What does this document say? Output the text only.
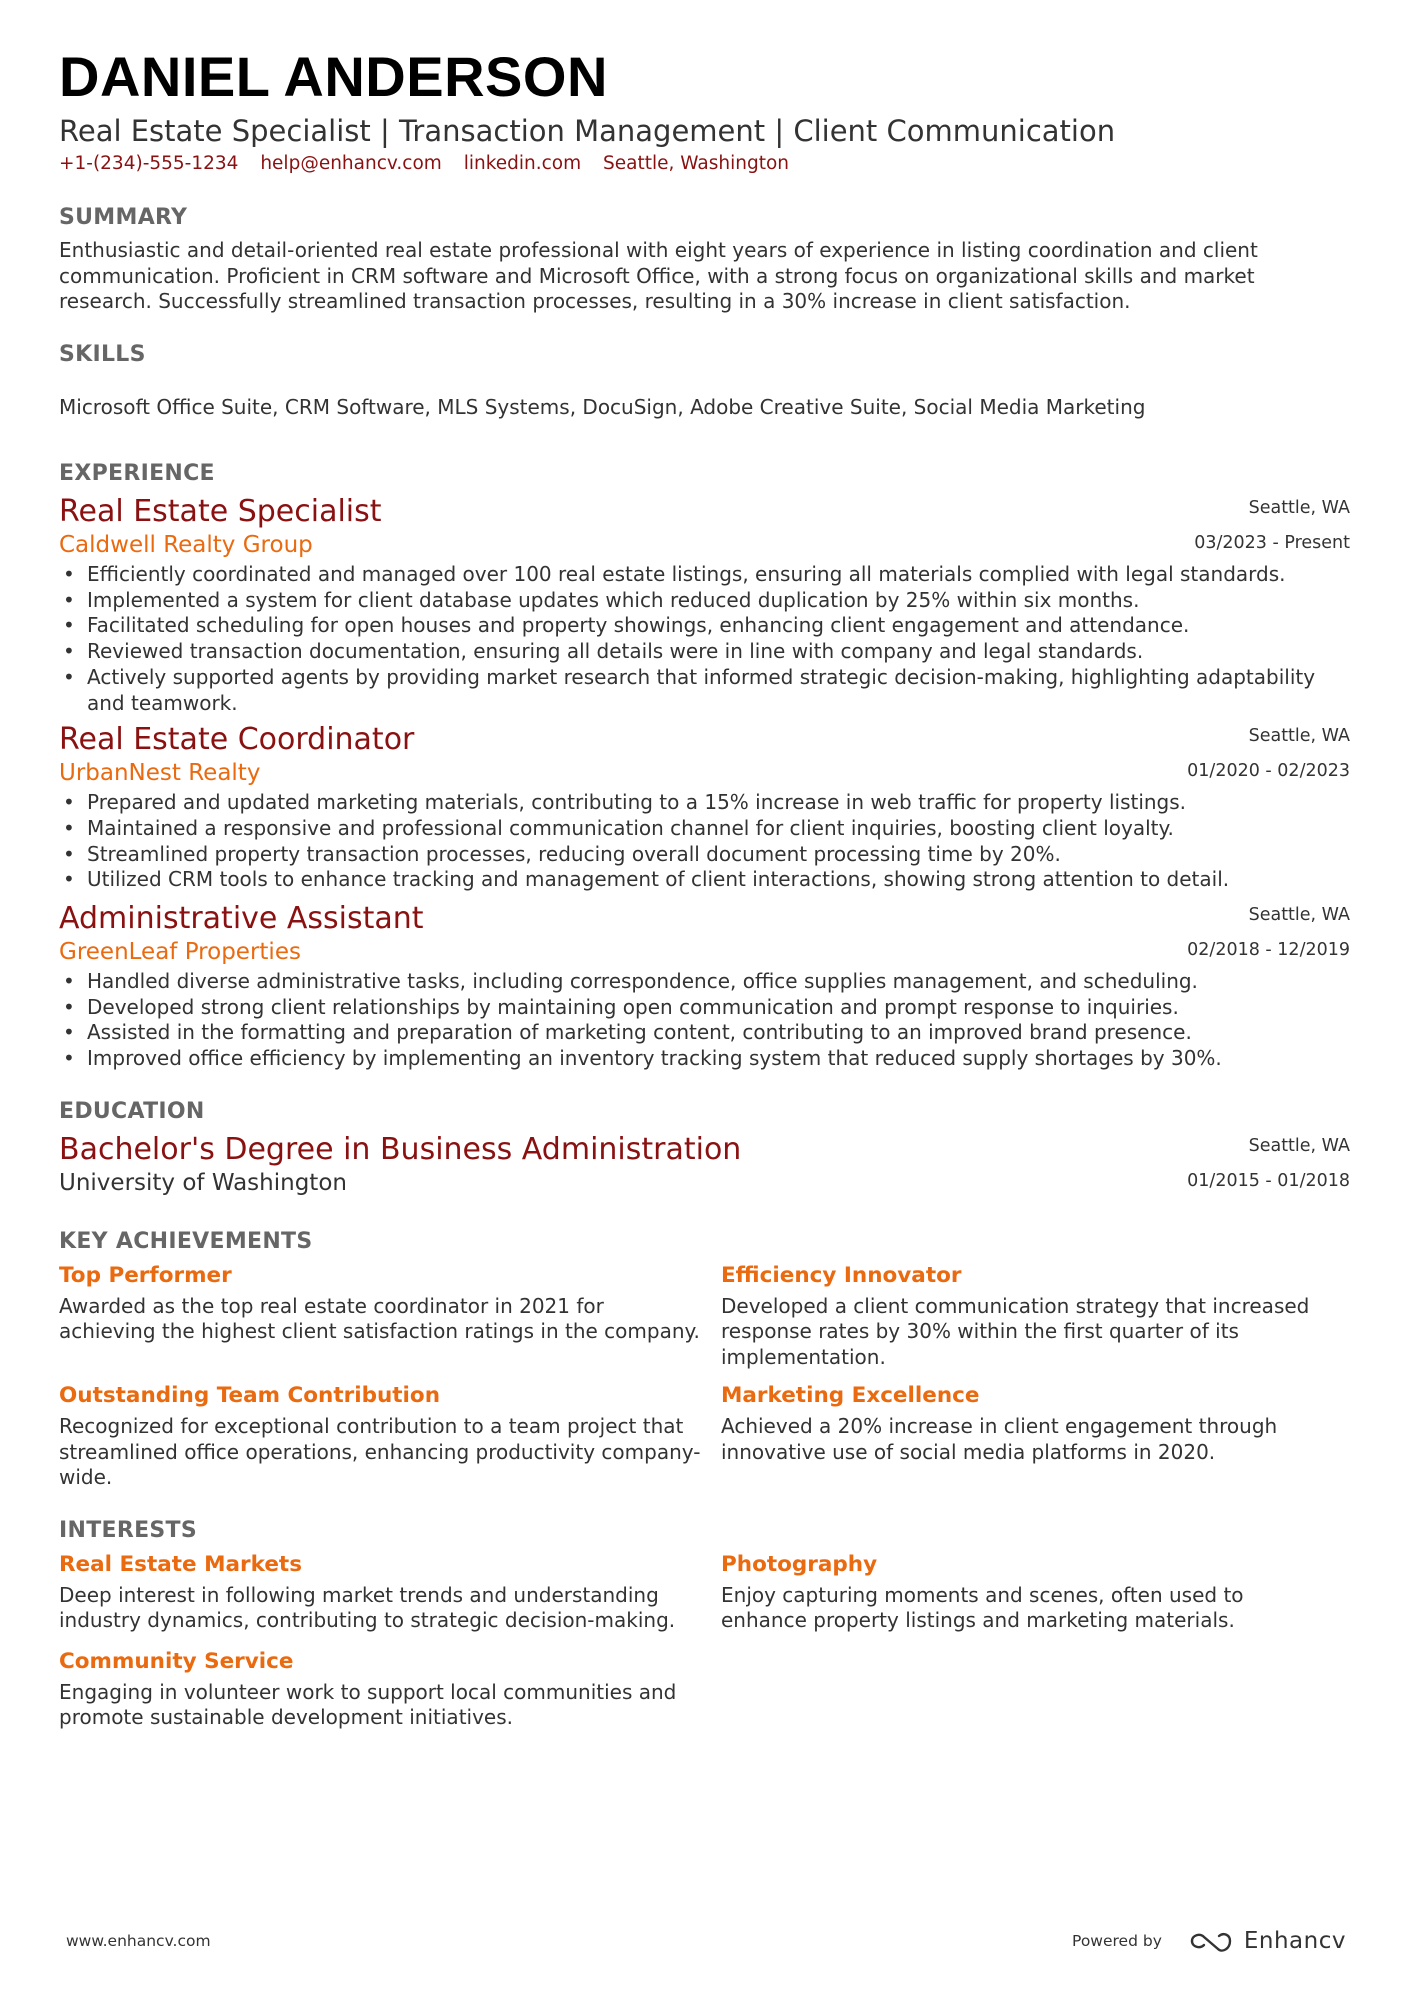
DANIEL ANDERSON
Real Estate Specialist | Transaction Management | Client Communication
+1-(234)-555-1234 help@enhancv.com linkedin.com Seattle, Washington
SUMMARY
Enthusiastic and detail-oriented real estate professional with eight years of experience in listing coordination and client communication. Proficient in CRM software and Microsoft Office, with a strong focus on organizational skills and market research. Successfully streamlined transaction processes, resulting in a 30% increase in client satisfaction.
SKILLS
Microsoft Office Suite, CRM Software, MLS Systems, DocuSign, Adobe Creative Suite, Social Media Marketing
EXPERIENCE
Real Estate Specialist
Caldwell Realty Group
Seattle, WA
03/2023 - Present
• Efficiently coordinated and managed over 100 real estate listings, ensuring all materials complied with legal standards.
• Implemented a system for client database updates which reduced duplication by 25% within six months.
• Facilitated scheduling for open houses and property showings, enhancing client engagement and attendance.
• Reviewed transaction documentation, ensuring all details were in line with company and legal standards.
• Actively supported agents by providing market research that informed strategic decision-making, highlighting adaptability and teamwork.
Real Estate Coordinator
UrbanNest Realty
Seattle, WA
01/2020 - 02/2023
• Prepared and updated marketing materials, contributing to a 15% increase in web traffic for property listings.
• Maintained a responsive and professional communication channel for client inquiries, boosting client loyalty.
• Streamlined property transaction processes, reducing overall document processing time by 20%.
• Utilized CRM tools to enhance tracking and management of client interactions, showing strong attention to detail.
Administrative Assistant
GreenLeaf Properties
Seattle, WA
02/2018 - 12/2019
• Handled diverse administrative tasks, including correspondence, office supplies management, and scheduling.
• Developed strong client relationships by maintaining open communication and prompt response to inquiries.
• Assisted in the formatting and preparation of marketing content, contributing to an improved brand presence.
• Improved office efficiency by implementing an inventory tracking system that reduced supply shortages by 30%.
EDUCATION
Bachelor's Degree in Business Administration
University of Washington
Seattle, WA
01/2015 - 01/2018
KEY ACHIEVEMENTS
Top Performer
Awarded as the top real estate coordinator in 2021 for achieving the highest client satisfaction ratings in the company.
Efficiency Innovator
Developed a client communication strategy that increased response rates by 30% within the first quarter of its implementation.
Outstanding Team Contribution
Recognized for exceptional contribution to a team project that streamlined office operations, enhancing productivity company-wide.
Marketing Excellence
Achieved a 20% increase in client engagement through innovative use of social media platforms in 2020.
INTERESTS
Real Estate Markets
Deep interest in following market trends and understanding industry dynamics, contributing to strategic decision-making.
Photography
Enjoy capturing moments and scenes, often used to enhance property listings and marketing materials.
Community Service
Engaging in volunteer work to support local communities and promote sustainable development initiatives.
www.enhancv.com	Powered by	Enhancv
